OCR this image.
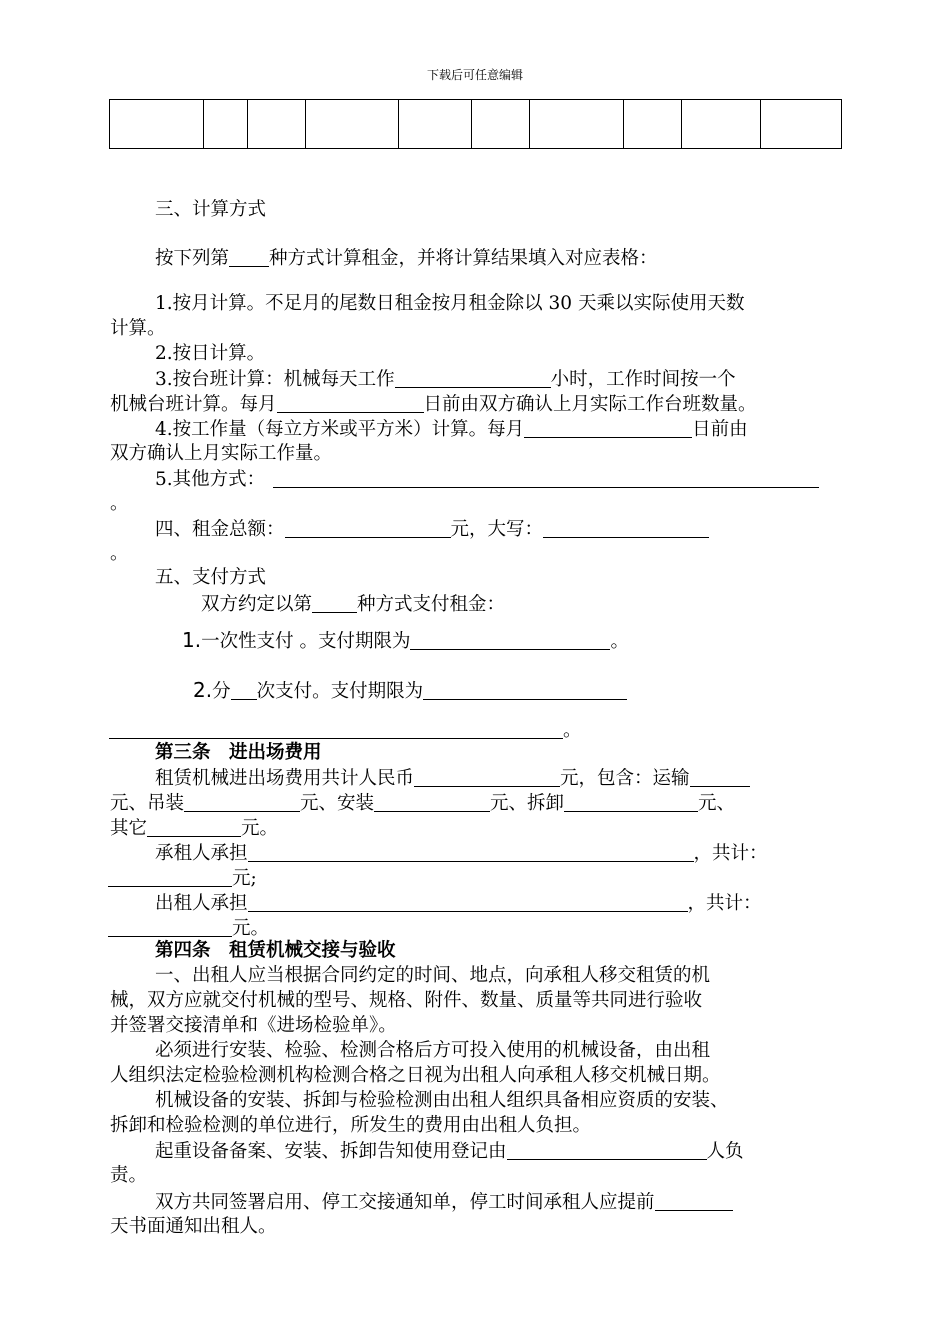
下载后可任意编辑

三、计算方式
按下列第 种方式计算租金，并将计算结果填入对应表格：
1.按月计算。不足月的尾数日租金按月租金除以 30 天乘以实际使用天数
计算。
2.按日计算。
3.按台班计算：机械每天工作	小时，工作时间按一个
机械台班计算。每月	日前由双方确认上月实际工作台班数量。
4.按工作量（每立方米或平方米）计算。每月	日前由
双方确认上月实际工作量。
5.其他方式：
。
四、租金总额：	元，大写：
。
五、支付方式
双方约定以第 种方式支付租金：
1.一次性支付 。支付期限为	。
2.分 次支付。支付期限为
。
第三条　进出场费用
租赁机械进出场费用共计人民币	元，包含：运输
元、吊装	元、安装	元、拆卸	元、
其它	元。
承租人承担	，共计：
元;
出租人承担	，共计：
元。
第四条　租赁机械交接与验收
一、出租人应当根据合同约定的时间、地点，向承租人移交租赁的机
械，双方应就交付机械的型号、规格、附件、数量、质量等共同进行验收
并签署交接清单和《进场检验单》。
必须进行安装、检验、检测合格后方可投入使用的机械设备，由出租
人组织法定检验检测机构检测合格之日视为出租人向承租人移交机械日期。
机械设备的安装、拆卸与检验检测由出租人组织具备相应资质的安装、
拆卸和检验检测的单位进行，所发生的费用由出租人负担。
起重设备备案、安装、拆卸告知使用登记由	人负
责。
双方共同签署启用、停工交接通知单，停工时间承租人应提前
天书面通知出租人。
